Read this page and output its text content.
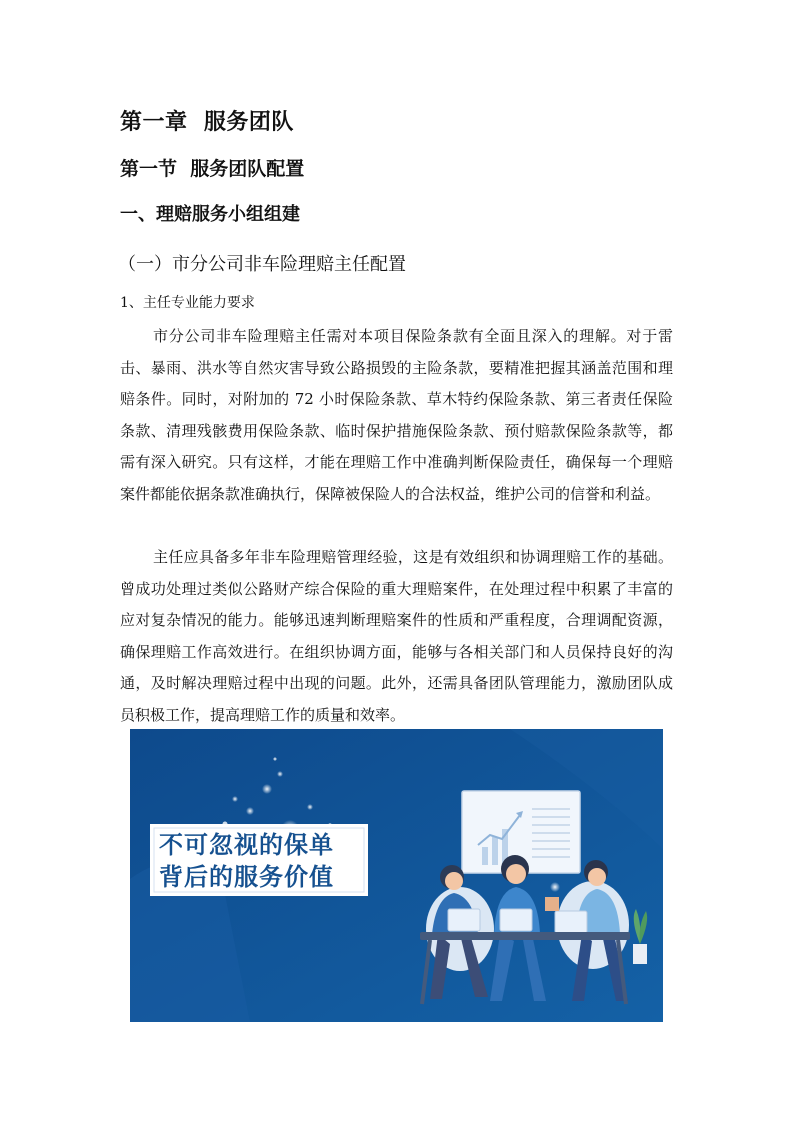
第一章  服务团队
第一节  服务团队配置
一、理赔服务小组组建
（一）市分公司非车险理赔主任配置
1、主任专业能力要求

市分公司非车险理赔主任需对本项目保险条款有全面且深入的理解。对于雷击、暴雨、洪水等自然灾害导致公路损毁的主险条款，要精准把握其涵盖范围和理赔条件。同时，对附加的 72 小时保险条款、草木特约保险条款、第三者责任保险条款、清理残骸费用保险条款、临时保护措施保险条款、预付赔款保险条款等，都需有深入研究。只有这样，才能在理赔工作中准确判断保险责任，确保每一个理赔案件都能依据条款准确执行，保障被保险人的合法权益，维护公司的信誉和利益。

主任应具备多年非车险理赔管理经验，这是有效组织和协调理赔工作的基础。曾成功处理过类似公路财产综合保险的重大理赔案件，在处理过程中积累了丰富的应对复杂情况的能力。能够迅速判断理赔案件的性质和严重程度，合理调配资源，确保理赔工作高效进行。在组织协调方面，能够与各相关部门和人员保持良好的沟通，及时解决理赔过程中出现的问题。此外，还需具备团队管理能力，激励团队成员积极工作，提高理赔工作的质量和效率。

不可忽视的保单
背后的服务价值
